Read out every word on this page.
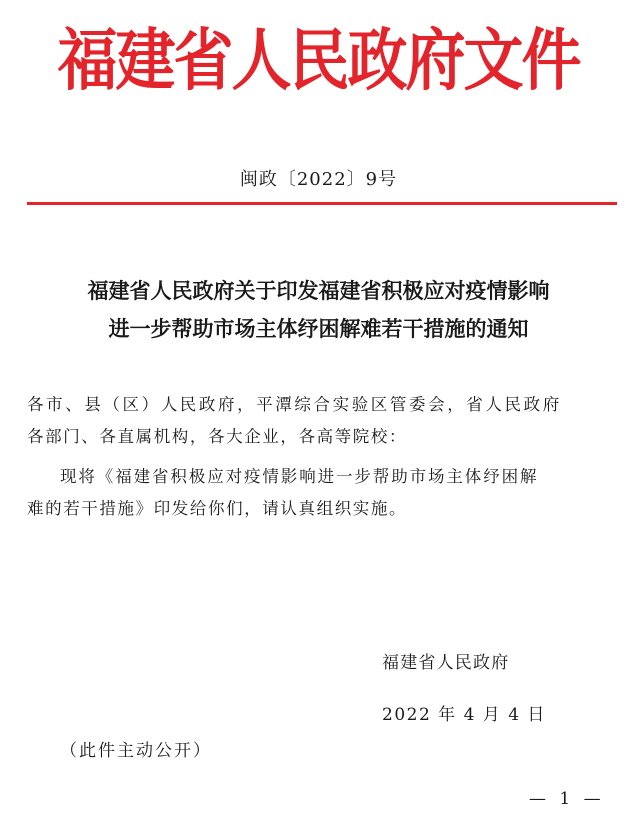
福建省人民政府文件
闽政〔2022〕9号
福建省人民政府关于印发福建省积极应对疫情影响
进一步帮助市场主体纾困解难若干措施的通知
各市、县（区）人民政府，平潭综合实验区管委会，省人民政府
各部门、各直属机构，各大企业，各高等院校：
现将《福建省积极应对疫情影响进一步帮助市场主体纾困解
难的若干措施》印发给你们，请认真组织实施。
福建省人民政府
2022 年 4 月 4 日
（此件主动公开）
— 1 —
